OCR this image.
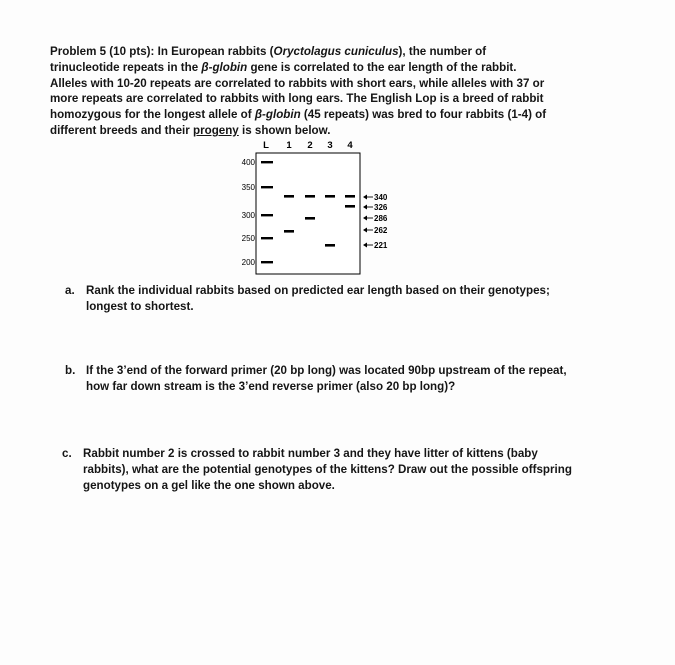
Problem 5 (10 pts): In European rabbits (Oryctolagus cuniculus), the number of trinucleotide repeats in the β-globin gene is correlated to the ear length of the rabbit. Alleles with 10-20 repeats are correlated to rabbits with short ears, while alleles with 37 or more repeats are correlated to rabbits with long ears. The English Lop is a breed of rabbit homozygous for the longest allele of β-globin (45 repeats) was bred to four rabbits (1-4) of different breeds and their progeny is shown below.
L 1 2 3 4
400
350
300
250
200
340
326
286
262
221
a. Rank the individual rabbits based on predicted ear length based on their genotypes; longest to shortest.
b. If the 3’end of the forward primer (20 bp long) was located 90bp upstream of the repeat, how far down stream is the 3’end reverse primer (also 20 bp long)?
c. Rabbit number 2 is crossed to rabbit number 3 and they have litter of kittens (baby rabbits), what are the potential genotypes of the kittens? Draw out the possible offspring genotypes on a gel like the one shown above.
